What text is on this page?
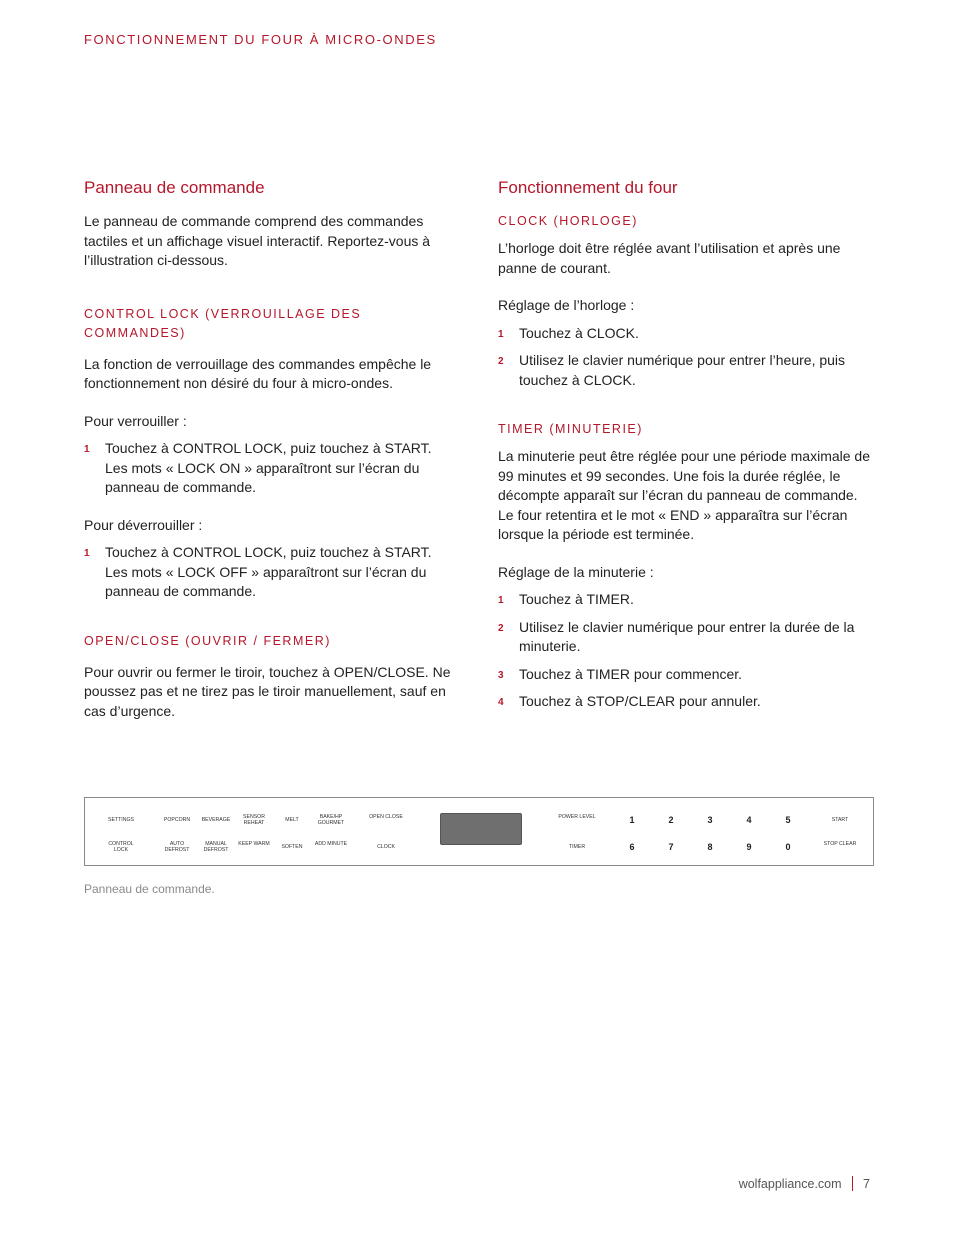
FONCTIONNEMENT DU FOUR À MICRO-ONDES
Panneau de commande

Le panneau de commande comprend des commandes tactiles et un affichage visuel interactif. Reportez-vous à l’illustration ci-dessous.

CONTROL LOCK (VERROUILLAGE DES COMMANDES)

La fonction de verrouillage des commandes empêche le fonctionnement non désiré du four à micro-ondes.

Pour verrouiller :
1 Touchez à CONTROL LOCK, puiz touchez à START. Les mots « LOCK ON » apparaîtront sur l’écran du panneau de commande.
Pour déverrouiller :
1 Touchez à CONTROL LOCK, puiz touchez à START. Les mots « LOCK OFF » apparaîtront sur l’écran du panneau de commande.
OPEN/CLOSE (OUVRIR / FERMER)

Pour ouvrir ou fermer le tiroir, touchez à OPEN/CLOSE. Ne poussez pas et ne tirez pas le tiroir manuellement, sauf en cas d’urgence.

Fonctionnement du four
CLOCK (HORLOGE)

L’horloge doit être réglée avant l’utilisation et après une panne de courant.

Réglage de l’horloge :
1 Touchez à CLOCK.
2 Utilisez le clavier numérique pour entrer l’heure, puis touchez à CLOCK.
TIMER (MINUTERIE)

La minuterie peut être réglée pour une période maximale de 99 minutes et 99 secondes. Une fois la durée réglée, le décompte apparaît sur l’écran du panneau de commande. Le four retentira et le mot « END » apparaîtra sur l’écran lorsque la période est terminée.

Réglage de la minuterie :
1 Touchez à TIMER.
2 Utilisez le clavier numérique pour entrer la durée de la minuterie.
3 Touchez à TIMER pour commencer.
4 Touchez à STOP/CLEAR pour annuler.
SETTINGS	POPCORN	BEVERAGE	SENSOR REHEAT	MELT	BAKE/HP GOURMET
OPEN CLOSE
CONTROL LOCK
AUTO DEFROST
MANUAL DEFROST
KEEP WARM	SOFTEN	ADD MINUTE	CLOCK
POWER LEVEL
TIMER
1	2	3	4	5
6	7	8	9	0
START
STOP CLEAR
Panneau de commande.
wolfappliance.com 7
